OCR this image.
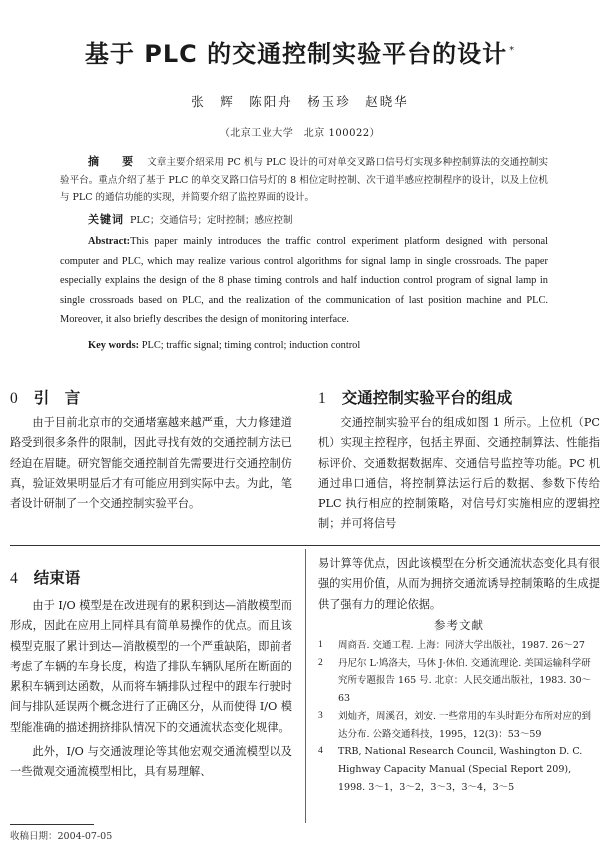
基于 PLC 的交通控制实验平台的设计 *
张　辉　陈阳舟　杨玉珍　赵晓华
（北京工业大学　北京 100022）
摘　要 文章主要介绍采用 PC 机与 PLC 设计的可对单交叉路口信号灯实现多种控制算法的交通控制实验平台。重点介绍了基于 PLC 的单交叉路口信号灯的 8 相位定时控制、次干道半感应控制程序的设计，以及上位机与 PLC 的通信功能的实现，并简要介绍了监控界面的设计。
关键词 PLC；交通信号；定时控制；感应控制
Abstract:This paper mainly introduces the traffic control experiment platform designed with personal computer and PLC, which may realize various control algorithms for signal lamp in single crossroads. The paper especially explains the design of the 8 phase timing controls and half induction control program of signal lamp in single crossroads based on PLC, and the realization of the communication of last position machine and PLC. Moreover, it also briefly describes the design of monitoring interface.
Key words: PLC; traffic signal; timing control; induction control
0 引　言

由于目前北京市的交通堵塞越来越严重，大力修建道路受到很多条件的限制，因此寻找有效的交通控制方法已经迫在眉睫。研究智能交通控制首先需要进行交通控制仿真，验证效果明显后才有可能应用到实际中去。为此，笔者设计研制了一个交通控制实验平台。

1 交通控制实验平台的组成

交通控制实验平台的组成如图 1 所示。上位机（PC 机）实现主控程序，包括主界面、交通控制算法、性能指标评价、交通数据数据库、交通信号监控等功能。PC 机通过串口通信，将控制算法运行后的数据、参数下传给 PLC 执行相应的控制策略，对信号灯实施相应的逻辑控制；并可将信号

4 结束语

由于 I/O 模型是在改进现有的累积到达—消散模型而形成，因此在应用上同样具有简单易操作的优点。而且该模型克服了累计到达—消散模型的一个严重缺陷，即前者考虑了车辆的车身长度，构造了排队车辆队尾所在断面的累积车辆到达函数，从而将车辆排队过程中的跟车行驶时间与排队延误两个概念进行了正确区分，从而使得 I/O 模型能准确的描述拥挤排队情况下的交通流状态变化规律。

此外，I/O 与交通波理论等其他宏观交通流模型以及一些微观交通流模型相比，具有易理解、

易计算等优点，因此该模型在分析交通流状态变化具有很强的实用价值，从而为拥挤交通流诱导控制策略的生成提供了强有力的理论依据。

参考文献
1 周商吾. 交通工程. 上海：同济大学出版社，1987. 26～27
2 丹尼尔 L·鸠洛夫，马休 J·休伯. 交通流理论. 美国运输科学研究所专题报告 165 号. 北京：人民交通出版社，1983. 30～63
3 刘灿齐，周溪召，刘安. 一些常用的车头时距分布所对应的到达分布. 公路交通科技，1995，12(3)：53～59
4 TRB, National Research Council, Washington D. C. Highway Capacity Manual (Special Report 209), 1998. 3～1，3～2，3～3，3～4，3～5
收稿日期：2004-07-05
